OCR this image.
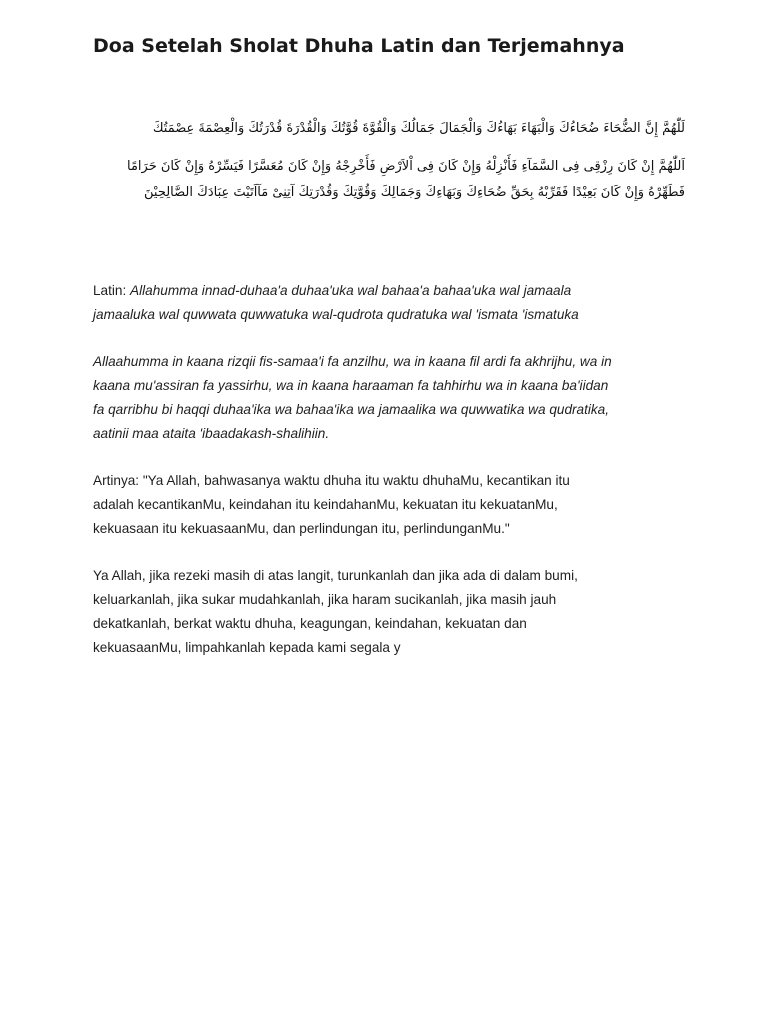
Doa Setelah Sholat Dhuha Latin dan Terjemahnya
لَلّٰهُمَّ إِنَّ الضُّحَاءَ ضُحَاءُكَ وَالْبَهَاءَ بَهَاءُكَ وَالْجَمَالَ جَمَالُكَ وَالْقُوَّةَ قُوَّتُكَ وَالْقُدْرَةَ قُدْرَتُكَ وَالْعِصْمَةَ عِصْمَتُكَ
اَللّٰهُمَّ إِنْ كَانَ رِزْقِى فِى السَّمَآءِ فَأَنْزِلْهُ وَإِنْ كَانَ فِى اْلاَرْضِ فَأَخْرِجْهُ وَإِنْ كَانَ مُعَسَّرًا فَيَسِّرْهُ وَإِنْ كَانَ حَرَامًا فَطَهِّرْهُ وَإِنْ كَانَ بَعِيْدًا فَقَرِّبْهُ بِحَقِّ ضُحَاءِكَ وَبَهَاءِكَ وَجَمَالِكَ وَقُوَّتِكَ وَقُدْرَتِكَ آتِنِىْ مَآاَتَيْتَ عِبَادَكَ الصَّالِحِيْنَ
Latin: Allahumma innad-duhaa'a duhaa'uka wal bahaa'a bahaa'uka wal jamaala
jamaaluka wal quwwata quwwatuka wal-qudrota qudratuka wal 'ismata 'ismatuka
Allaahumma in kaana rizqii fis-samaa'i fa anzilhu, wa in kaana fil ardi fa akhrijhu, wa in
kaana mu'assiran fa yassirhu, wa in kaana haraaman fa tahhirhu wa in kaana ba'iidan
fa qarribhu bi haqqi duhaa'ika wa bahaa'ika wa jamaalika wa quwwatika wa qudratika,
aatinii maa ataita 'ibaadakash-shalihiin.
Artinya: "Ya Allah, bahwasanya waktu dhuha itu waktu dhuhaMu, kecantikan itu
adalah kecantikanMu, keindahan itu keindahanMu, kekuatan itu kekuatanMu,
kekuasaan itu kekuasaanMu, dan perlindungan itu, perlindunganMu."
Ya Allah, jika rezeki masih di atas langit, turunkanlah dan jika ada di dalam bumi,
keluarkanlah, jika sukar mudahkanlah, jika haram sucikanlah, jika masih jauh
dekatkanlah, berkat waktu dhuha, keagungan, keindahan, kekuatan dan
kekuasaanMu, limpahkanlah kepada kami segala y
